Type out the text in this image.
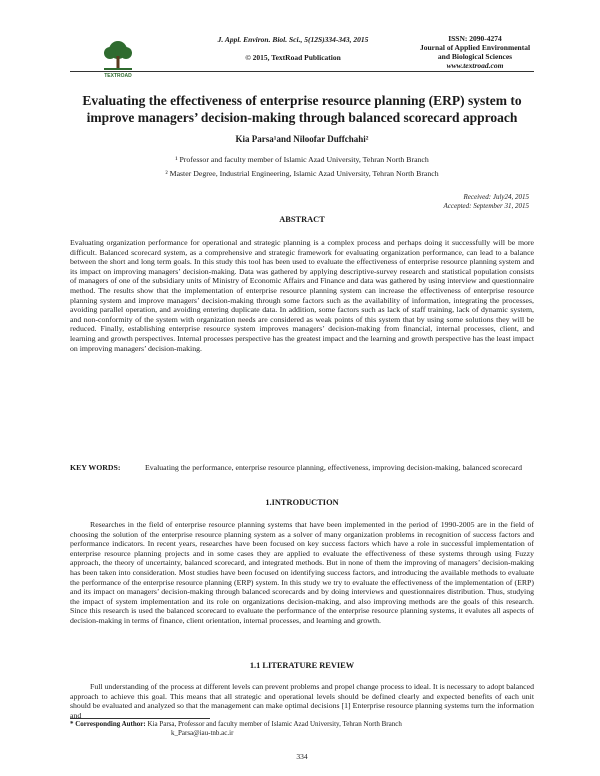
TEXTROAD
J. Appl. Environ. Biol. Sci., 5(12S)334-343, 2015
© 2015, TextRoad Publication
ISSN: 2090-4274
Journal of Applied Environmental
and Biological Sciences
www.textroad.com
Evaluating the effectiveness of enterprise resource planning (ERP) system to
improve managers’ decision-making through balanced scorecard approach
Kia Parsa¹and Niloofar Duffchahi²
¹ Professor and faculty member of Islamic Azad University, Tehran North Branch
² Master Degree, Industrial Engineering, Islamic Azad University, Tehran North Branch
Received: July24, 2015
Accepted: September 31, 2015
ABSTRACT

Evaluating organization performance for operational and strategic planning is a complex process and perhaps doing it successfully will be more difficult. Balanced scorecard system, as a comprehensive and strategic framework for evaluating organization performance, can lead to a balance between the short and long term goals. In this study this tool has been used to evaluate the effectiveness of enterprise resource planning system and its impact on improving managers’ decision-making. Data was gathered by applying descriptive-survey research and statistical population consists of managers of one of the subsidiary units of Ministry of Economic Affairs and Finance and data was gathered by using interview and questionnaire method. The results show that the implementation of enterprise resource planning system can increase the effectiveness of enterprise resource planning system and improve managers’ decision-making through some factors such as the availability of information, integrating the processes, avoiding parallel operation, and avoiding entering duplicate data. In addition, some factors such as lack of staff training, lack of dynamic system, and non-conformity of the system with organization needs are considered as weak points of this system that by using some solutions they will be reduced. Finally, establishing enterprise resource system improves managers’ decision-making from financial, internal processes, client, and learning and growth perspectives. Internal processes perspective has the greatest impact and the learning and growth perspective has the least impact on improving managers’ decision-making.

KEY WORDS:	Evaluating the performance, enterprise resource planning, effectiveness, improving decision-making, balanced scorecard
1.INTRODUCTION

Researches in the field of enterprise resource planning systems that have been implemented in the period of 1990-2005 are in the field of choosing the solution of the enterprise resource planning system as a solver of many organization problems in recognition of success factors and performance indicators. In recent years, researches have been focused on key success factors which have a role in successful implementation of enterprise resource planning projects and in some cases they are applied to evaluate the effectiveness of these systems through using Fuzzy approach, the theory of uncertainty, balanced scorecard, and integrated methods. But in none of them the improving of managers’ decision-making has been taken into consideration. Most studies have been focused on identifying success factors, and introducing the available methods to evaluate the performance of the enterprise resource planning (ERP) system. In this study we try to evaluate the effectiveness of the implementation of (ERP) and its impact on managers’ decision-making through balanced scorecards and by doing interviews and questionnaires distribution. Thus, studying the impact of system implementation and its role on organizations decision-making, and also improving methods are the goals of this research. Since this research is used the balanced scorecard to evaluate the performance of the enterprise resource planning systems, it evalutes all aspects of decision-making in terms of finance, client orientation, internal processes, and learning and growth.

1.1 LITERATURE REVIEW

Full understanding of the process at different levels can prevent problems and propel change process to ideal. It is necessary to adopt balanced approach to achieve this goal. This means that all strategic and operational levels should be defined clearly and expected benefits of each unit should be evaluated and analyzed so that the management can make optimal decisions [1] Enterprise resource planning systems turn the information and

* Corresponding Author: Kia Parsa, Professor and faculty member of Islamic Azad University, Tehran North Branch
k_Parsa@iau-tnb.ac.ir
334
